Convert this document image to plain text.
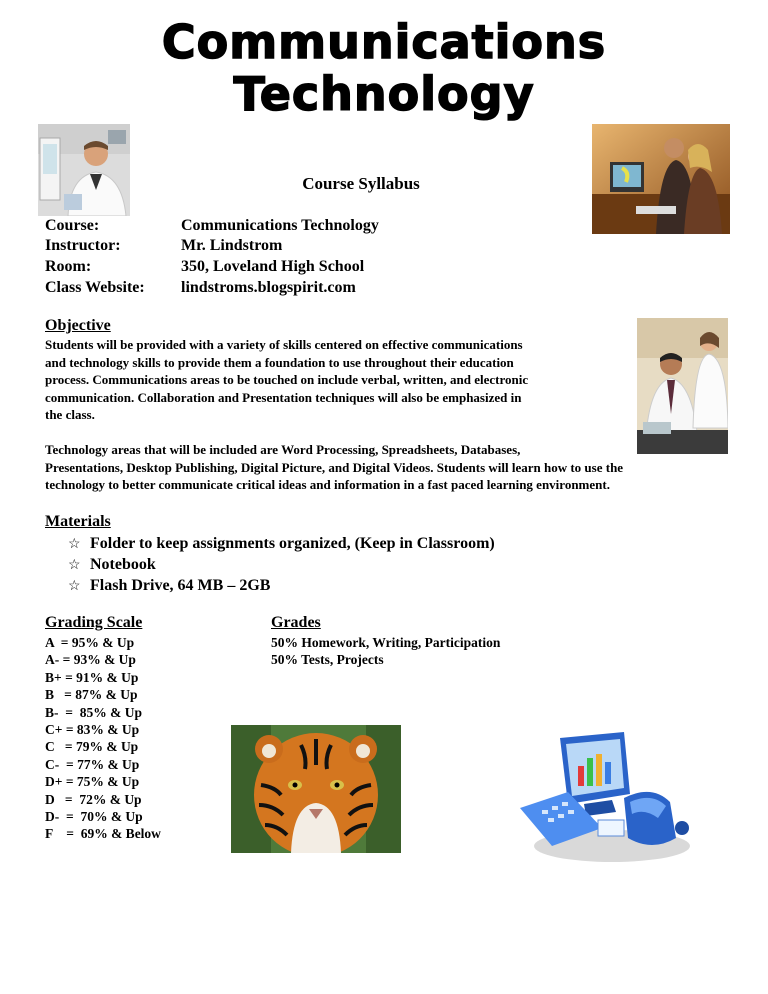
Communications
Technology
Course Syllabus
Course:	Communications Technology
Instructor:	Mr. Lindstrom
Room:	350, Loveland High School
Class Website: lindstroms.blogspirit.com
Objective
Students will be provided with a variety of skills centered on effective communications
and technology skills to provide them a foundation to use throughout their education
process. Communications areas to be touched on include verbal, written, and electronic
communication. Collaboration and Presentation techniques will also be emphasized in
the class.
Technology areas that will be included are Word Processing, Spreadsheets, Databases,
Presentations, Desktop Publishing, Digital Picture, and Digital Videos. Students will learn how to use the
technology to better communicate critical ideas and information in a fast paced learning environment.
Materials
☆ Folder to keep assignments organized, (Keep in Classroom)
☆ Notebook
☆ Flash Drive, 64 MB – 2GB
Grading Scale	Grades
A  = 95% & Up
A- = 93% & Up
B+ = 91% & Up
B   = 87% & Up
B-  =  85% & Up
C+ = 83% & Up
C   = 79% & Up
C-  = 77% & Up
D+ = 75% & Up
D   =  72% & Up
D-  =  70% & Up
F    =  69% & Below
50% Homework, Writing, Participation
50% Tests, Projects
